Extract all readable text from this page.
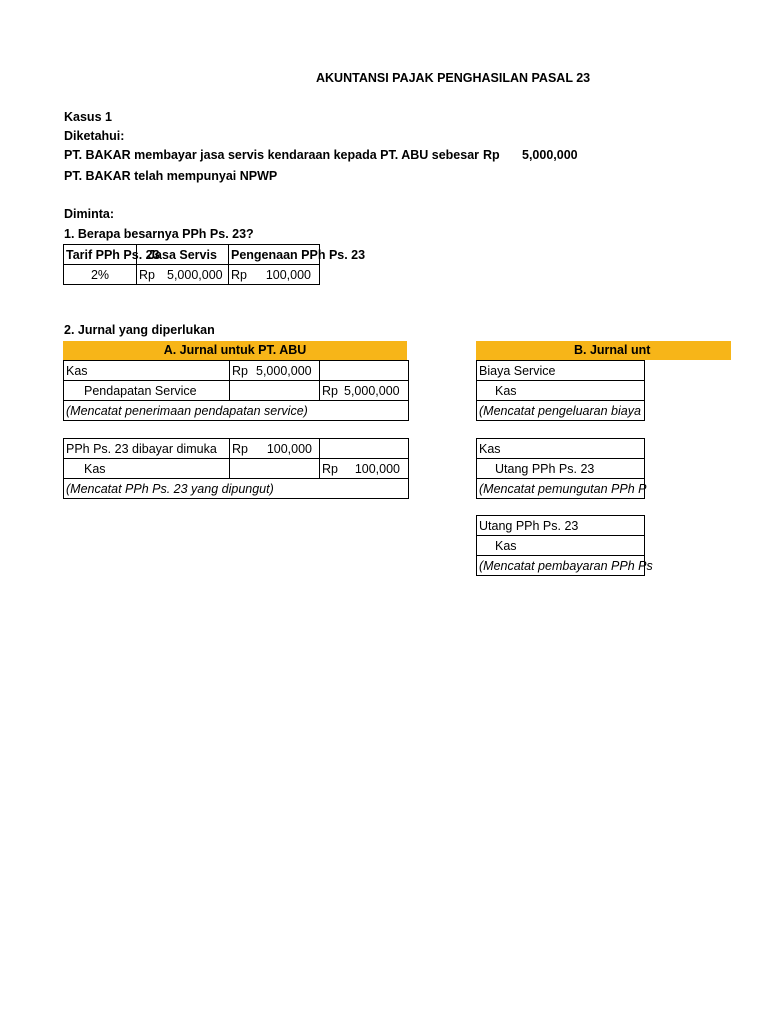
AKUNTANSI PAJAK PENGHASILAN PASAL 23
Kasus 1
Diketahui:
PT. BAKAR membayar jasa servis kendaraan kepada PT. ABU sebesar Rp 5,000,000
PT. BAKAR telah mempunyai NPWP
Diminta:
1. Berapa besarnya PPh Ps. 23?
Tarif PPh Ps. 23	Jasa Servis	Pengenaan PPh Ps. 23
2%	Rp 5,000,000	Rp 100,000
2. Jurnal yang diperlukan
A. Jurnal untuk PT. ABU
Kas	Rp 5,000,000	
Pendapatan Service		Rp 5,000,000
(Mencatat penerimaan pendapatan service)		
PPh Ps. 23 dibayar dimuka	Rp 100,000	
Kas		Rp 100,000
(Mencatat PPh Ps. 23 yang dipungut)		
B. Jurnal unt
Biaya Service
Kas
(Mencatat pengeluaran biaya
Kas
Utang PPh Ps. 23
(Mencatat pemungutan PPh P
Utang PPh Ps. 23
Kas
(Mencatat pembayaran PPh Ps
